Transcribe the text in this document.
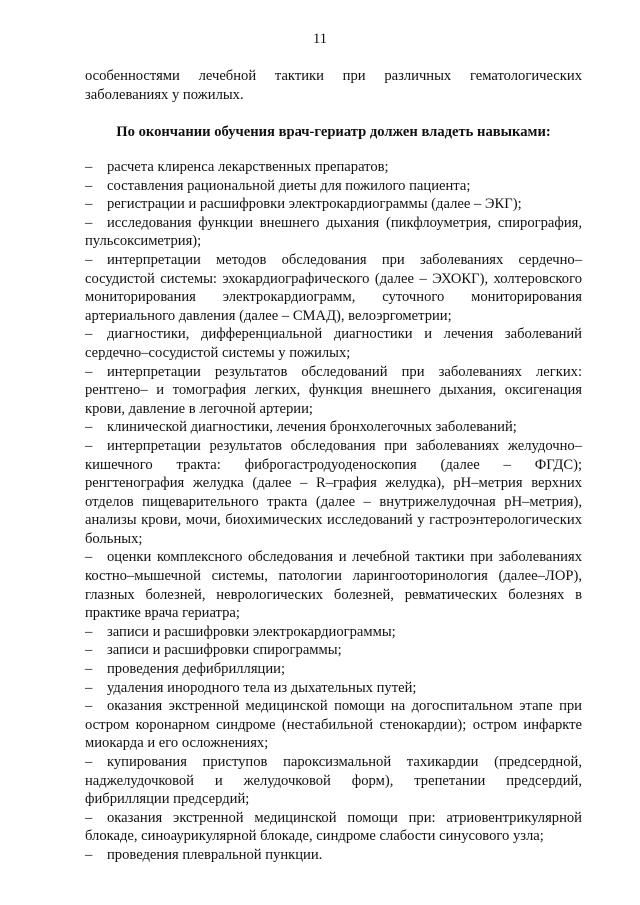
11
особенностями лечебной тактики при различных гематологических заболеваниях у пожилых.
По окончании обучения врач-гериатр должен владеть навыками:
– расчета клиренса лекарственных препаратов;
– составления рациональной диеты для пожилого пациента;
– регистрации и расшифровки электрокардиограммы (далее – ЭКГ);
– исследования функции внешнего дыхания (пикфлоуметрия, спирография, пульсоксиметрия);
– интерпретации методов обследования при заболеваниях сердечно–сосудистой системы: эхокардиографического (далее – ЭХОКГ), холтеровского мониторирования электрокардиограмм, суточного мониторирования артериального давления (далее – СМАД), велоэргометрии;
– диагностики, дифференциальной диагностики и лечения заболеваний сердечно–сосудистой системы у пожилых;
– интерпретации результатов обследований при заболеваниях легких: рентгено– и томография легких, функция внешнего дыхания, оксигенация крови, давление в легочной артерии;
– клинической диагностики, лечения бронхолегочных заболеваний;
– интерпретации результатов обследования при заболеваниях желудочно–кишечного тракта: фиброгастродуоденоскопия (далее – ФГДС); ренгтенография желудка (далее – R–графия желудка), pH–метрия верхних отделов пищеварительного тракта (далее – внутрижелудочная pH–метрия), анализы крови, мочи, биохимических исследований у гастроэнтерологических больных;
– оценки комплексного обследования и лечебной тактики при заболеваниях костно–мышечной системы, патологии ларингооторинология (далее–ЛОР), глазных болезней, неврологических болезней, ревматических болезнях в практике врача гериатра;
– записи и расшифровки электрокардиограммы;
– записи и расшифровки спирограммы;
– проведения дефибрилляции;
– удаления инородного тела из дыхательных путей;
– оказания экстренной медицинской помощи на догоспитальном этапе при остром коронарном синдроме (нестабильной стенокардии); остром инфаркте миокарда и его осложнениях;
– купирования приступов пароксизмальной тахикардии (предсердной, наджелудочковой и желудочковой форм), трепетании предсердий, фибрилляции предсердий;
– оказания экстренной медицинской помощи при: атриовентрикулярной блокаде, синоаурикулярной блокаде, синдроме слабости синусового узла;
– проведения плевральной пункции.
